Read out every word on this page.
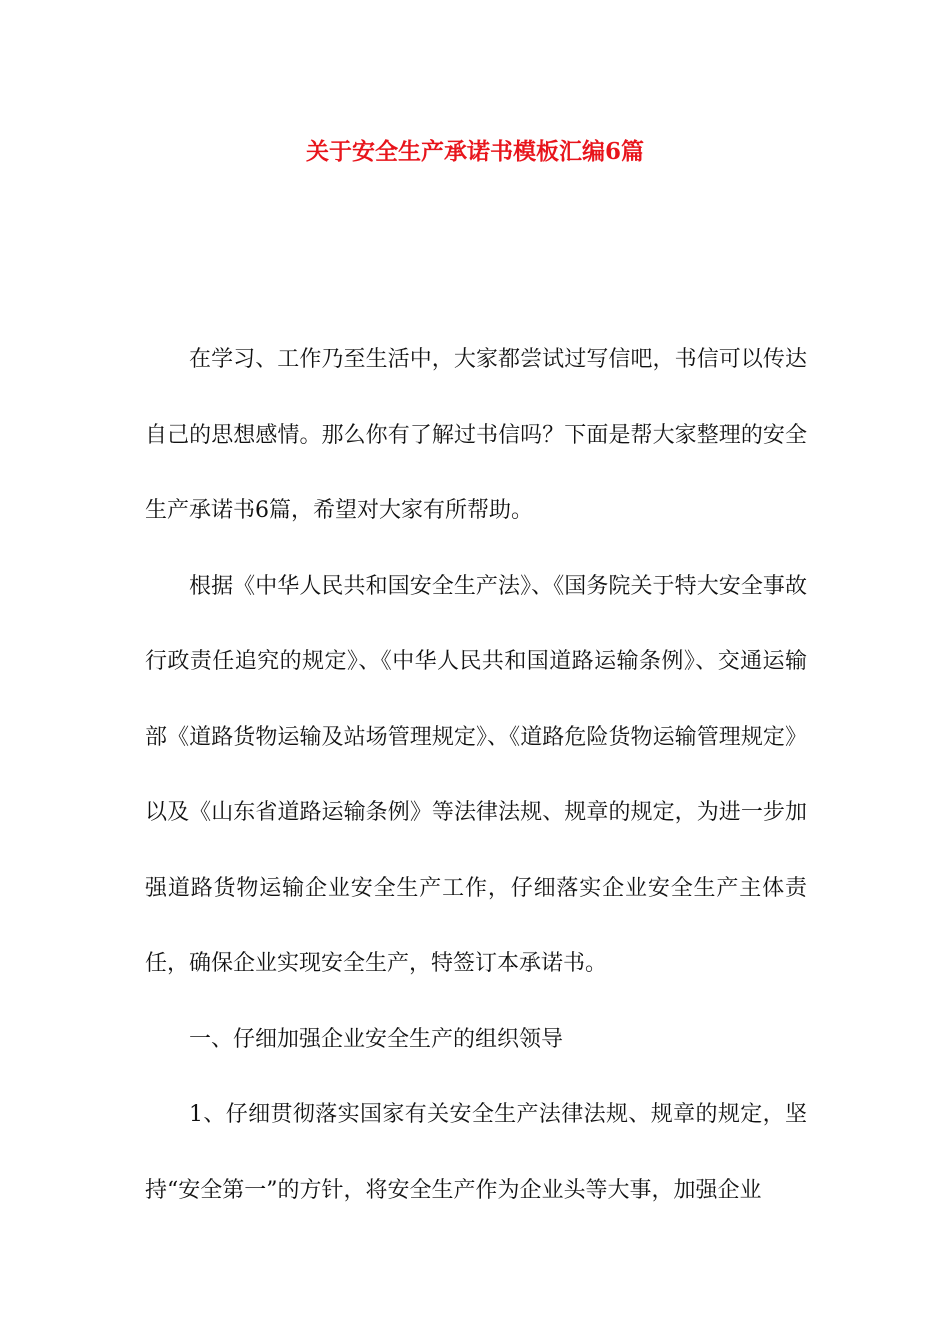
关于安全生产承诺书模板汇编6篇

在学习、工作乃至生活中，大家都尝试过写信吧，书信可以传达自己的思想感情。那么你有了解过书信吗？下面是帮大家整理的安全生产承诺书6篇，希望对大家有所帮助。

根据《中华人民共和国安全生产法》、《国务院关于特大安全事故行政责任追究的规定》、《中华人民共和国道路运输条例》、交通运输部《道路货物运输及站场管理规定》、《道路危险货物运输管理规定》以及《山东省道路运输条例》等法律法规、规章的规定，为进一步加强道路货物运输企业安全生产工作，仔细落实企业安全生产主体责任，确保企业实现安全生产，特签订本承诺书。

一、仔细加强企业安全生产的组织领导

1、仔细贯彻落实国家有关安全生产法律法规、规章的规定，坚持“安全第一”的方针，将安全生产作为企业头等大事，加强企业
